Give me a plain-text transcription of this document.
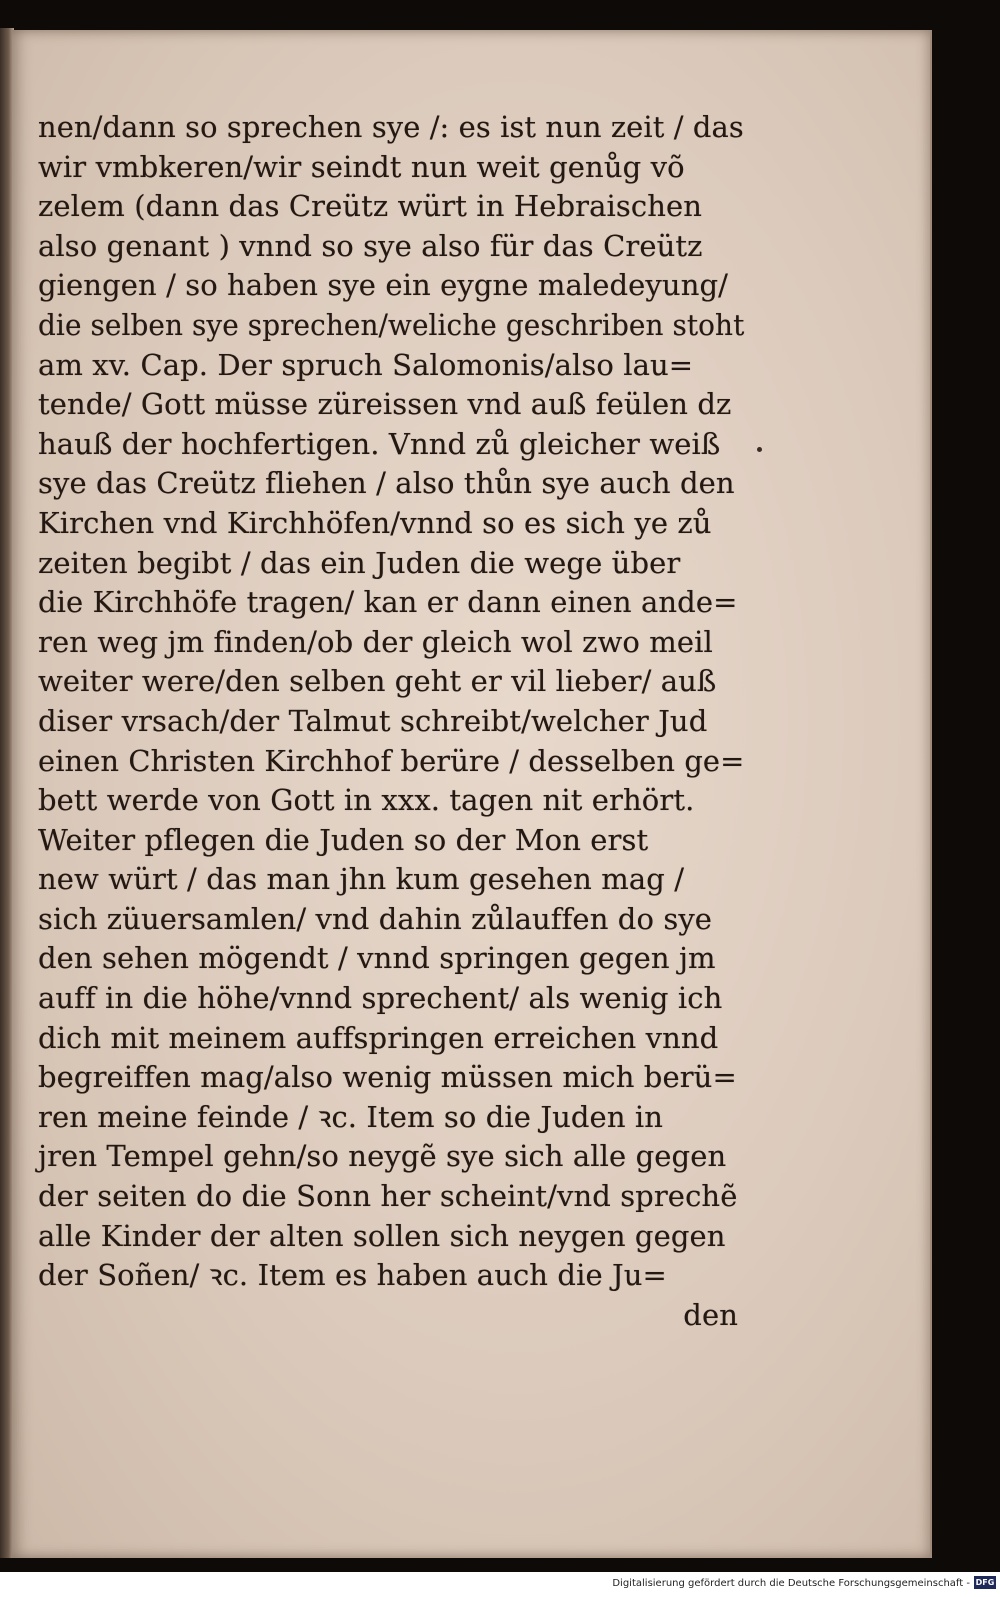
nen/dann so sprechen sye /: es ist nun zeit / das
wir vmbkeren/wir seindt nun weit genůg võ
zelem (dann das Creütz würt in Hebraischen
also genant ) vnnd so sye also für das Creütz
giengen / so haben sye ein eygne maledeyung/
die selben sye sprechen/weliche geschriben stoht
am xv. Cap. Der spruch Salomonis/also lau=
tende/ Gott müsse züreissen vnd auß feülen dz
hauß der hochfertigen. Vnnd zů gleicher weiß
sye das Creütz fliehen / also thůn sye auch den
Kirchen vnd Kirchhöfen/vnnd so es sich ye zů
zeiten begibt / das ein Juden die wege über
die Kirchhöfe tragen/ kan er dann einen ande=
ren weg jm finden/ob der gleich wol zwo meil
weiter were/den selben geht er vil lieber/ auß
diser vrsach/der Talmut schreibt/welcher Jud
einen Christen Kirchhof berüre / desselben ge=
bett werde von Gott in xxx. tagen nit erhört.
Weiter pflegen die Juden so der Mon erst
new würt / das man jhn kum gesehen mag /
sich züuersamlen/ vnd dahin zůlauffen do sye
den sehen mögendt / vnnd springen gegen jm
auff in die höhe/vnnd sprechent/ als wenig ich
dich mit meinem auffspringen erreichen vnnd
begreiffen mag/also wenig müssen mich berü=
ren meine feinde / ꝛc. Item so die Juden in
jren Tempel gehn/so neygẽ sye sich alle gegen
der seiten do die Sonn her scheint/vnd sprechẽ
alle Kinder der alten sollen sich neygen gegen
der Soñen/ ꝛc. Item es haben auch die Ju=
den
Digitalisierung gefördert durch die Deutsche Forschungsgemeinschaft - DFG
